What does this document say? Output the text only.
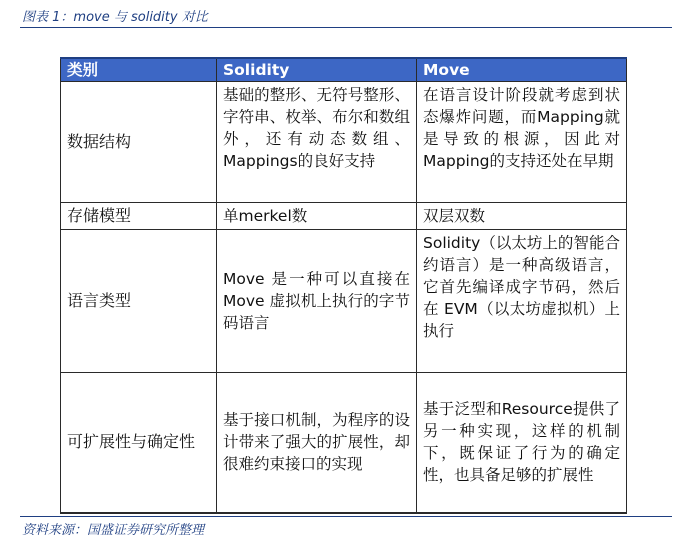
图表 1：move 与 solidity 对比
类别	Solidity	Move
数据结构	基础的整形、无符号整形、字符串、枚举、布尔和数组外，还有动态数组、Mappings的良好支持	在语言设计阶段就考虑到状态爆炸问题，而Mapping就是导致的根源，因此对Mapping的支持还处在早期
存储模型	单merkel数	双层双数
语言类型	Move 是一种可以直接在 Move 虚拟机上执行的字节码语言	Solidity（以太坊上的智能合约语言）是一种高级语言，它首先编译成字节码，然后在 EVM（以太坊虚拟机）上执行
可扩展性与确定性	基于接口机制，为程序的设计带来了强大的扩展性，却很难约束接口的实现	基于泛型和Resource提供了另一种实现，这样的机制下，既保证了行为的确定性，也具备足够的扩展性
资料来源：国盛证券研究所整理
